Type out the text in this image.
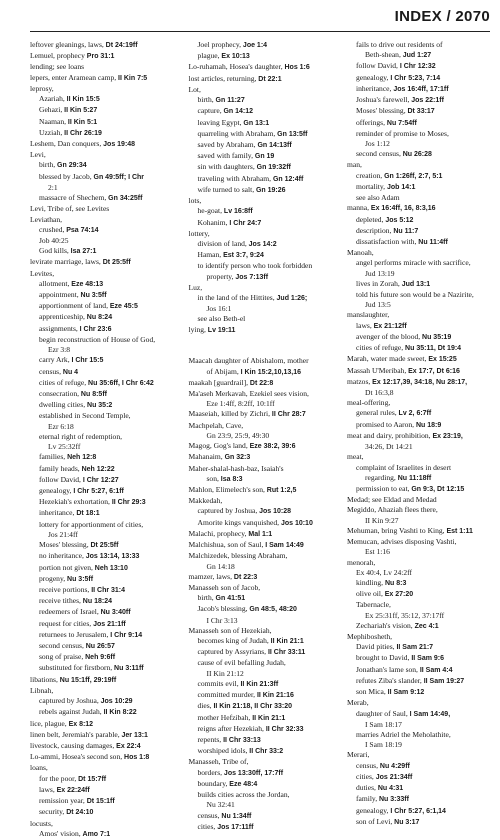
INDEX / 2070
leftover gleanings, laws, Dt 24:19ff
Lemuel, prophecy Pro 31:1
lending; see loans
lepers, enter Aramean camp, II Kin 7:5
leprosy,
Azariah, II Kin 15:5
Gehazi, II Kin 5:27
Naaman, II Kin 5:1
Uzziah, II Chr 26:19
Leshem, Dan conquers, Jos 19:48
Levi,
birth, Gn 29:34
blessed by Jacob, Gn 49:5ff; I Chr
2:1
massacre of Shechem, Gn 34:25ff
Levi, Tribe of, see Levites
Leviathan,
crushed, Psa 74:14
Job 40:25
God kills, Isa 27:1
levirate marriage, laws, Dt 25:5ff
Levites,
allotment, Eze 48:13
appointment, Nu 3:5ff
apportionment of land, Eze 45:5
apprenticeship, Nu 8:24
assignments, I Chr 23:6
begin reconstruction of House of God,
Ezr 3:8
carry Ark, I Chr 15:5
census, Nu 4
cities of refuge, Nu 35:6ff, I Chr 6:42
consecration, Nu 8:5ff
dwelling cities, Nu 35:2
established in Second Temple,
Ezr 6:18
eternal right of redemption,
Lv 25:32ff
families, Neh 12:8
family heads, Neh 12:22
follow David, I Chr 12:27
genealogy, I Chr 5:27, 6:1ff
Hezekiah's exhortation, II Chr 29:3
inheritance, Dt 18:1
lottery for apportionment of cities,
Jos 21:4ff
Moses' blessing, Dt 25:5ff
no inheritance, Jos 13:14, 13:33
portion not given, Neh 13:10
progeny, Nu 3:5ff
receive portions, II Chr 31:4
receive tithes, Nu 18:24
redeemers of Israel, Nu 3:40ff
request for cities, Jos 21:1ff
returnees to Jerusalem, I Chr 9:14
second census, Nu 26:57
song of praise, Neh 9:6ff
substituted for firstborn, Nu 3:11ff
libations, Nu 15:1ff, 29:19ff
Libnah,
captured by Joshua, Jos 10:29
rebels against Judah, II Kin 8:22
lice, plague, Ex 8:12
linen belt, Jeremiah's parable, Jer 13:1
livestock, causing damages, Ex 22:4
Lo-ammi, Hosea's second son, Hos 1:8
loans,
for the poor, Dt 15:7ff
laws, Ex 22:24ff
remission year, Dt 15:1ff
security, Dt 24:10
locusts,
Amos' vision, Amo 7:1
Joel prophecy, Joe 1:4
plague, Ex 10:13
Lo-ruhamah, Hosea's daughter, Hos 1:6
lost articles, returning, Dt 22:1
Lot,
birth, Gn 11:27
capture, Gn 14:12
leaving Egypt, Gn 13:1
quarreling with Abraham, Gn 13:5ff
saved by Abraham, Gn 14:13ff
saved with family, Gn 19
sin with daughters, Gn 19:32ff
traveling with Abraham, Gn 12:4ff
wife turned to salt, Gn 19:26
lots,
he-goat, Lv 16:8ff
Kohanim, I Chr 24:7
lottery,
division of land, Jos 14:2
Haman, Est 3:7, 9:24
to identify person who took forbidden
property, Jos 7:13ff
Luz,
in the land of the Hittites, Jud 1:26;
Jos 16:1
see also Beth-el
lying, Lv 19:11

Maacah daughter of Abishalom, mother
of Abijam, I Kin 15:2,10,13,16
maakah [guardrail], Dt 22:8
Ma'aseh Merkavah, Ezekiel sees vision,
Eze 1:4ff, 8:2ff, 10:1ff
Maaseiah, killed by Zichri, II Chr 28:7
Machpelah, Cave,
Gn 23:9, 25:9, 49:30
Magog, Gog's land, Eze 38:2, 39:6
Mahanaim, Gn 32:3
Maher-shalal-hash-baz, Isaiah's
son, Isa 8:3
Mahlon, Elimelech's son, Rut 1:2,5
Makkedah,
captured by Joshua, Jos 10:28
Amorite kings vanquished, Jos 10:10
Malachi, prophecy, Mal 1:1
Malchishua, son of Saul, I Sam 14:49
Malchizedek, blessing Abraham,
Gn 14:18
mamzer, laws, Dt 22:3
Manasseh son of Jacob,
birth, Gn 41:51
Jacob's blessing, Gn 48:5, 48:20
I Chr 3:13
Manasseh son of Hezekiah,
becomes king of Judah, II Kin 21:1
captured by Assyrians, II Chr 33:11
cause of evil befalling Judah,
II Kin 21:12
commits evil, II Kin 21:3ff
committed murder, II Kin 21:16
dies, II Kin 21:18, II Chr 33:20
mother Hefzibah, II Kin 21:1
reigns after Hezekiah, II Chr 32:33
repents, II Chr 33:13
worshiped idols, II Chr 33:2
Manasseh, Tribe of,
borders, Jos 13:30ff, 17:7ff
boundary, Eze 48:4
builds cities across the Jordan,
Nu 32:41
census, Nu 1:34ff
cities, Jos 17:11ff
fails to drive out residents of
Beth-shean, Jud 1:27
follow David, I Chr 12:32
genealogy, I Chr 5:23, 7:14
inheritance, Jos 16:4ff, 17:1ff
Joshua's farewell, Jos 22:1ff
Moses' blessing, Dt 33:17
offerings, Nu 7:54ff
reminder of promise to Moses,
Jos 1:12
second census, Nu 26:28
man,
creation, Gn 1:26ff, 2:7, 5:1
mortality, Job 14:1
see also Adam
manna, Ex 16:4ff, 16, 8:3,16
depleted, Jos 5:12
description, Nu 11:7
dissatisfaction with, Nu 11:4ff
Manoah,
angel performs miracle with sacrifice,
Jud 13:19
lives in Zorah, Jud 13:1
told his future son would be a Nazirite,
Jud 13:5
manslaughter,
laws, Ex 21:12ff
avenger of the blood, Nu 35:19
cities of refuge, Nu 35:11, Dt 19:4
Marah, water made sweet, Ex 15:25
Massah U'Meribah, Ex 17:7, Dt 6:16
matzos, Ex 12:17,39, 34:18, Nu 28:17,
Dt 16:3,8
meal-offering,
general rules, Lv 2, 6:7ff
promised to Aaron, Nu 18:9
meat and dairy, prohibition, Ex 23:19,
34:26, Dt 14:21
meat,
complaint of Israelites in desert
regarding, Nu 11:18ff
permission to eat, Gn 9:3, Dt 12:15
Medad; see Eldad and Medad
Megiddo, Ahaziah flees there,
II Kin 9:27
Mehuman, bring Vashti to King, Est 1:11
Memucan, advises disposing Vashti,
Est 1:16
menorah,
Ex 40:4, Lv 24:2ff
kindling, Nu 8:3
olive oil, Ex 27:20
Tabernacle,
Ex 25:31ff, 35:12, 37:17ff
Zechariah's vision, Zec 4:1
Mephibosheth,
David pities, II Sam 21:7
brought to David, II Sam 9:6
Jonathan's lame son, II Sam 4:4
refutes Ziba's slander, II Sam 19:27
son Mica, II Sam 9:12
Merab,
daughter of Saul, I Sam 14:49,
I Sam 18:17
marries Adriel the Meholathite,
I Sam 18:19
Merari,
census, Nu 4:29ff
cities, Jos 21:34ff
duties, Nu 4:31
family, Nu 3:33ff
genealogy, I Chr 5:27, 6:1,14
son of Levi, Nu 3:17
